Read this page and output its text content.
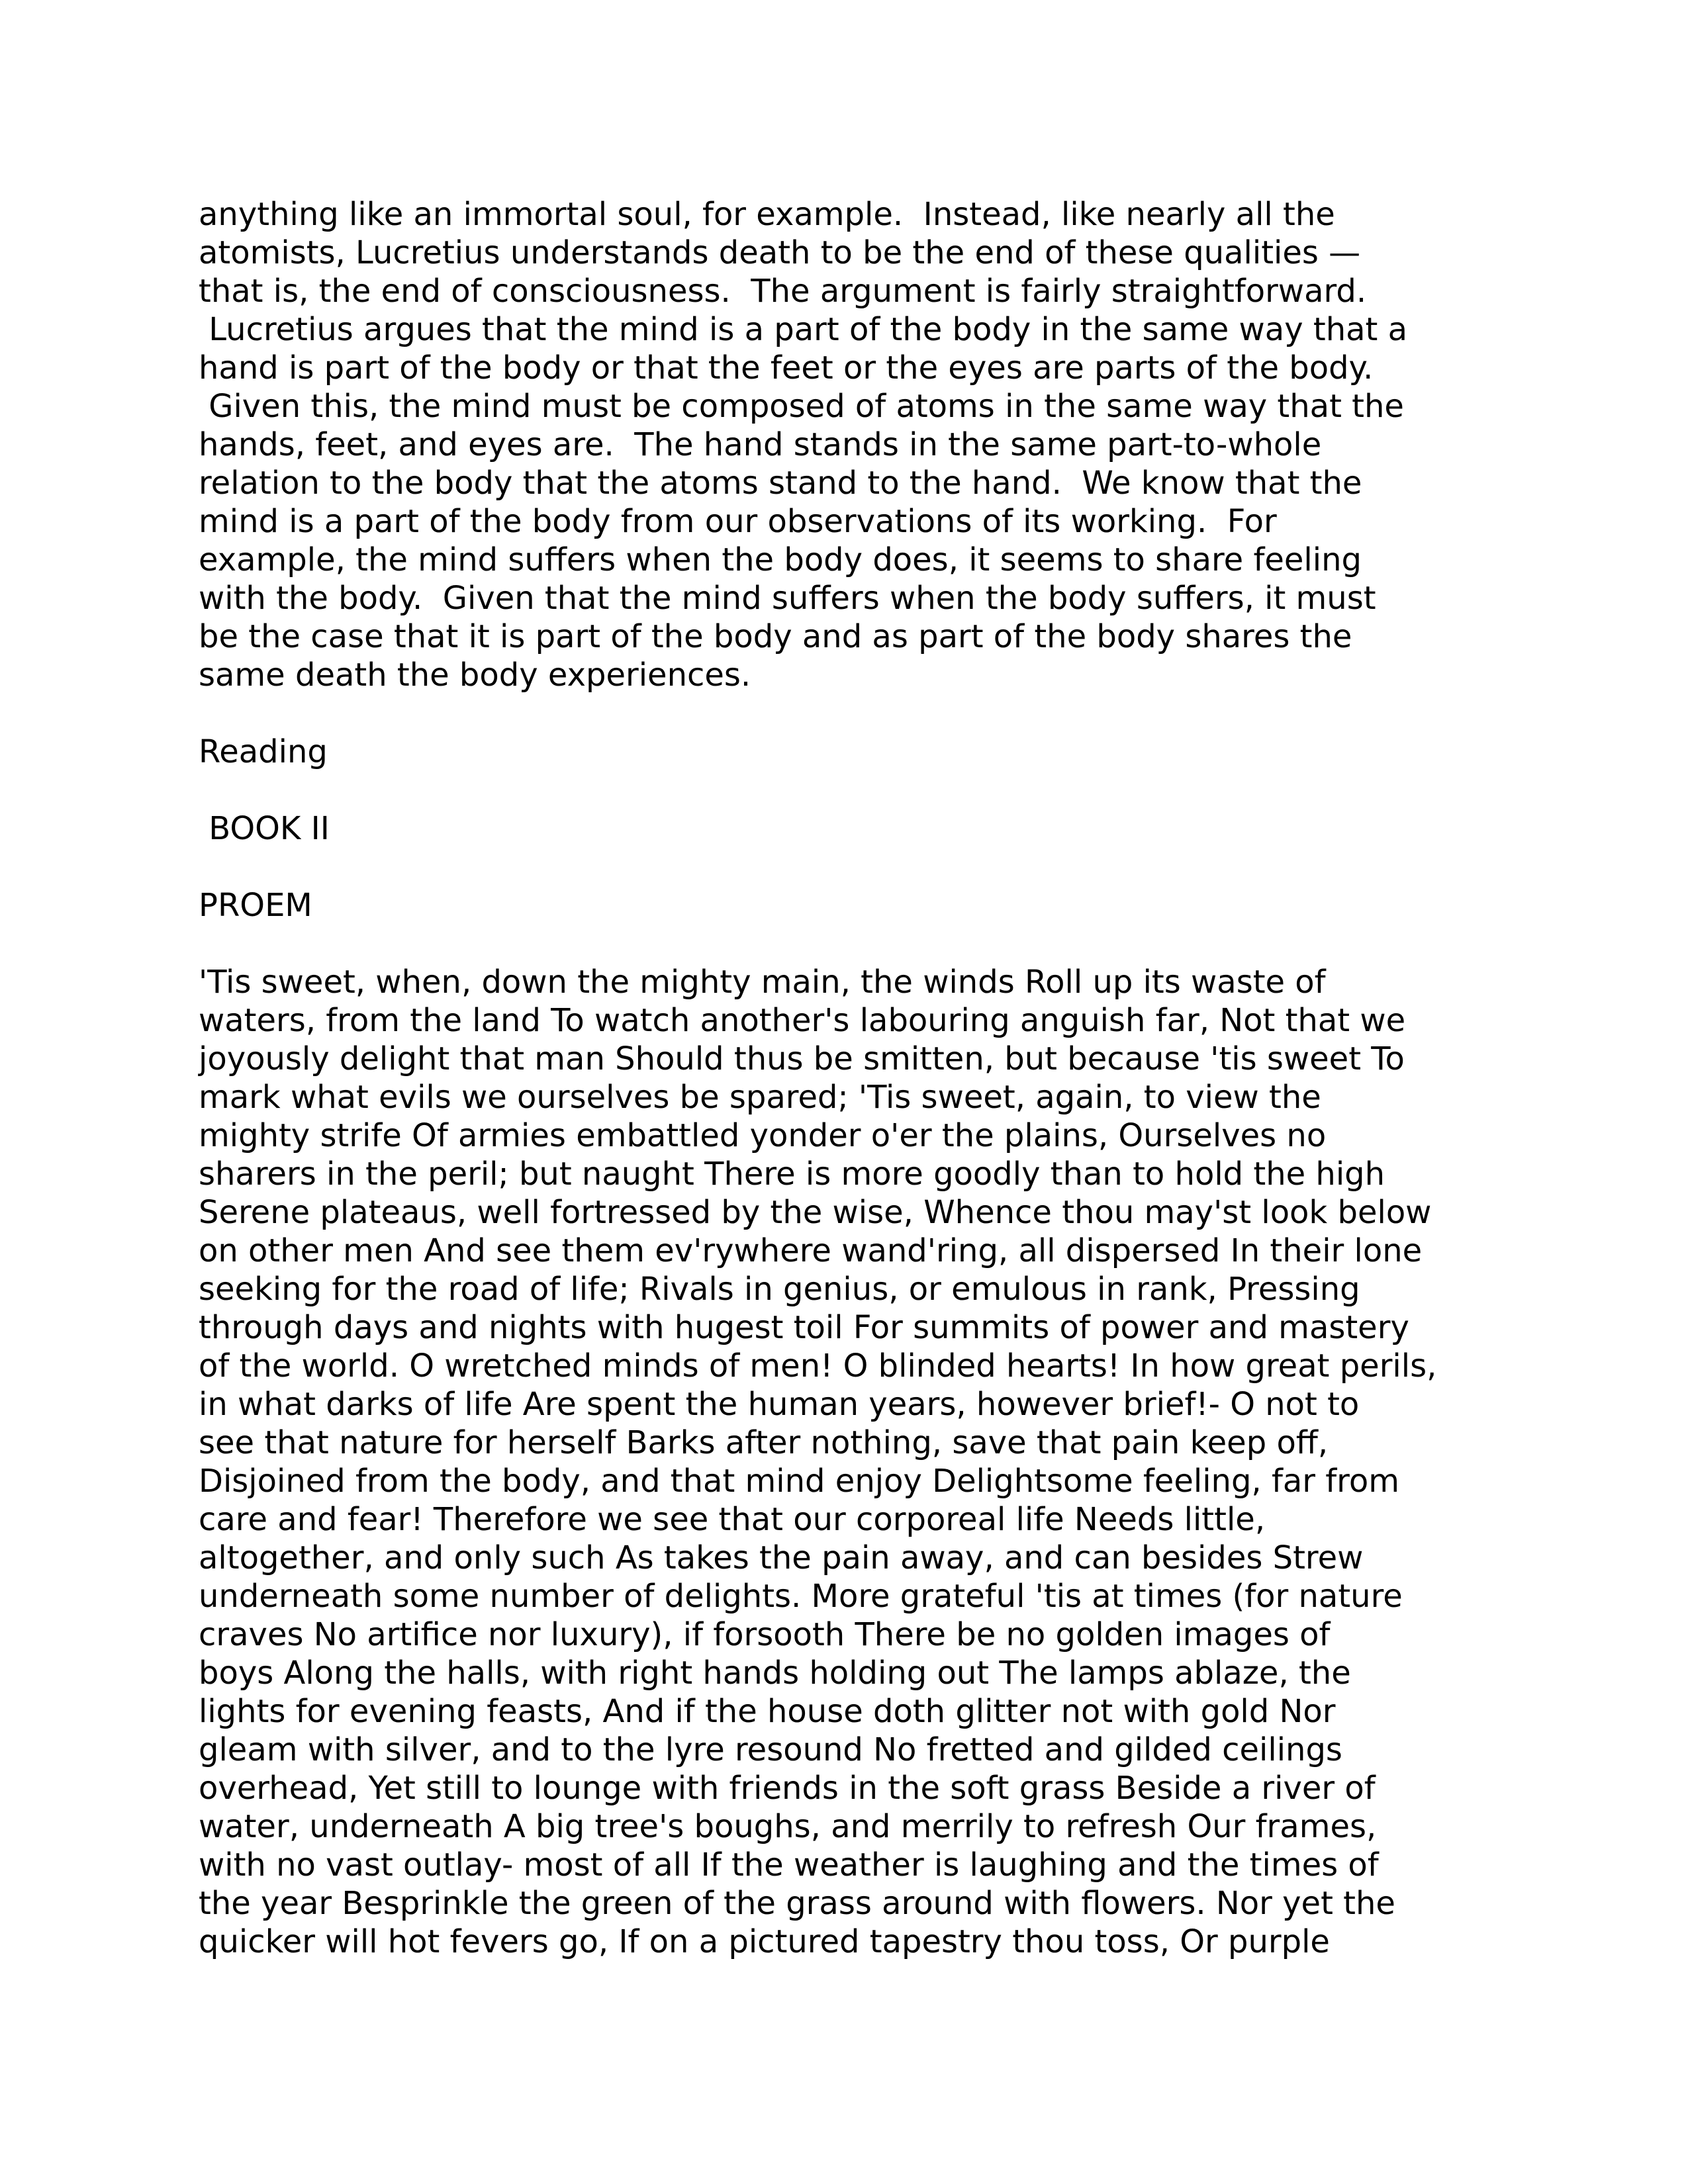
anything like an immortal soul, for example.  Instead, like nearly all the
atomists, Lucretius understands death to be the end of these qualities —
that is, the end of consciousness.  The argument is fairly straightforward.
Lucretius argues that the mind is a part of the body in the same way that a
hand is part of the body or that the feet or the eyes are parts of the body.
Given this, the mind must be composed of atoms in the same way that the
hands, feet, and eyes are.  The hand stands in the same part-to-whole
relation to the body that the atoms stand to the hand.  We know that the
mind is a part of the body from our observations of its working.  For
example, the mind suffers when the body does, it seems to share feeling
with the body.  Given that the mind suffers when the body suffers, it must
be the case that it is part of the body and as part of the body shares the
same death the body experiences.
Reading
BOOK II
PROEM
'Tis sweet, when, down the mighty main, the winds Roll up its waste of
waters, from the land To watch another's labouring anguish far, Not that we
joyously delight that man Should thus be smitten, but because 'tis sweet To
mark what evils we ourselves be spared; 'Tis sweet, again, to view the
mighty strife Of armies embattled yonder o'er the plains, Ourselves no
sharers in the peril; but naught There is more goodly than to hold the high
Serene plateaus, well fortressed by the wise, Whence thou may'st look below
on other men And see them ev'rywhere wand'ring, all dispersed In their lone
seeking for the road of life; Rivals in genius, or emulous in rank, Pressing
through days and nights with hugest toil For summits of power and mastery
of the world. O wretched minds of men! O blinded hearts! In how great perils,
in what darks of life Are spent the human years, however brief!- O not to
see that nature for herself Barks after nothing, save that pain keep off,
Disjoined from the body, and that mind enjoy Delightsome feeling, far from
care and fear! Therefore we see that our corporeal life Needs little,
altogether, and only such As takes the pain away, and can besides Strew
underneath some number of delights. More grateful 'tis at times (for nature
craves No artifice nor luxury), if forsooth There be no golden images of
boys Along the halls, with right hands holding out The lamps ablaze, the
lights for evening feasts, And if the house doth glitter not with gold Nor
gleam with silver, and to the lyre resound No fretted and gilded ceilings
overhead, Yet still to lounge with friends in the soft grass Beside a river of
water, underneath A big tree's boughs, and merrily to refresh Our frames,
with no vast outlay- most of all If the weather is laughing and the times of
the year Besprinkle the green of the grass around with flowers. Nor yet the
quicker will hot fevers go, If on a pictured tapestry thou toss, Or purple
